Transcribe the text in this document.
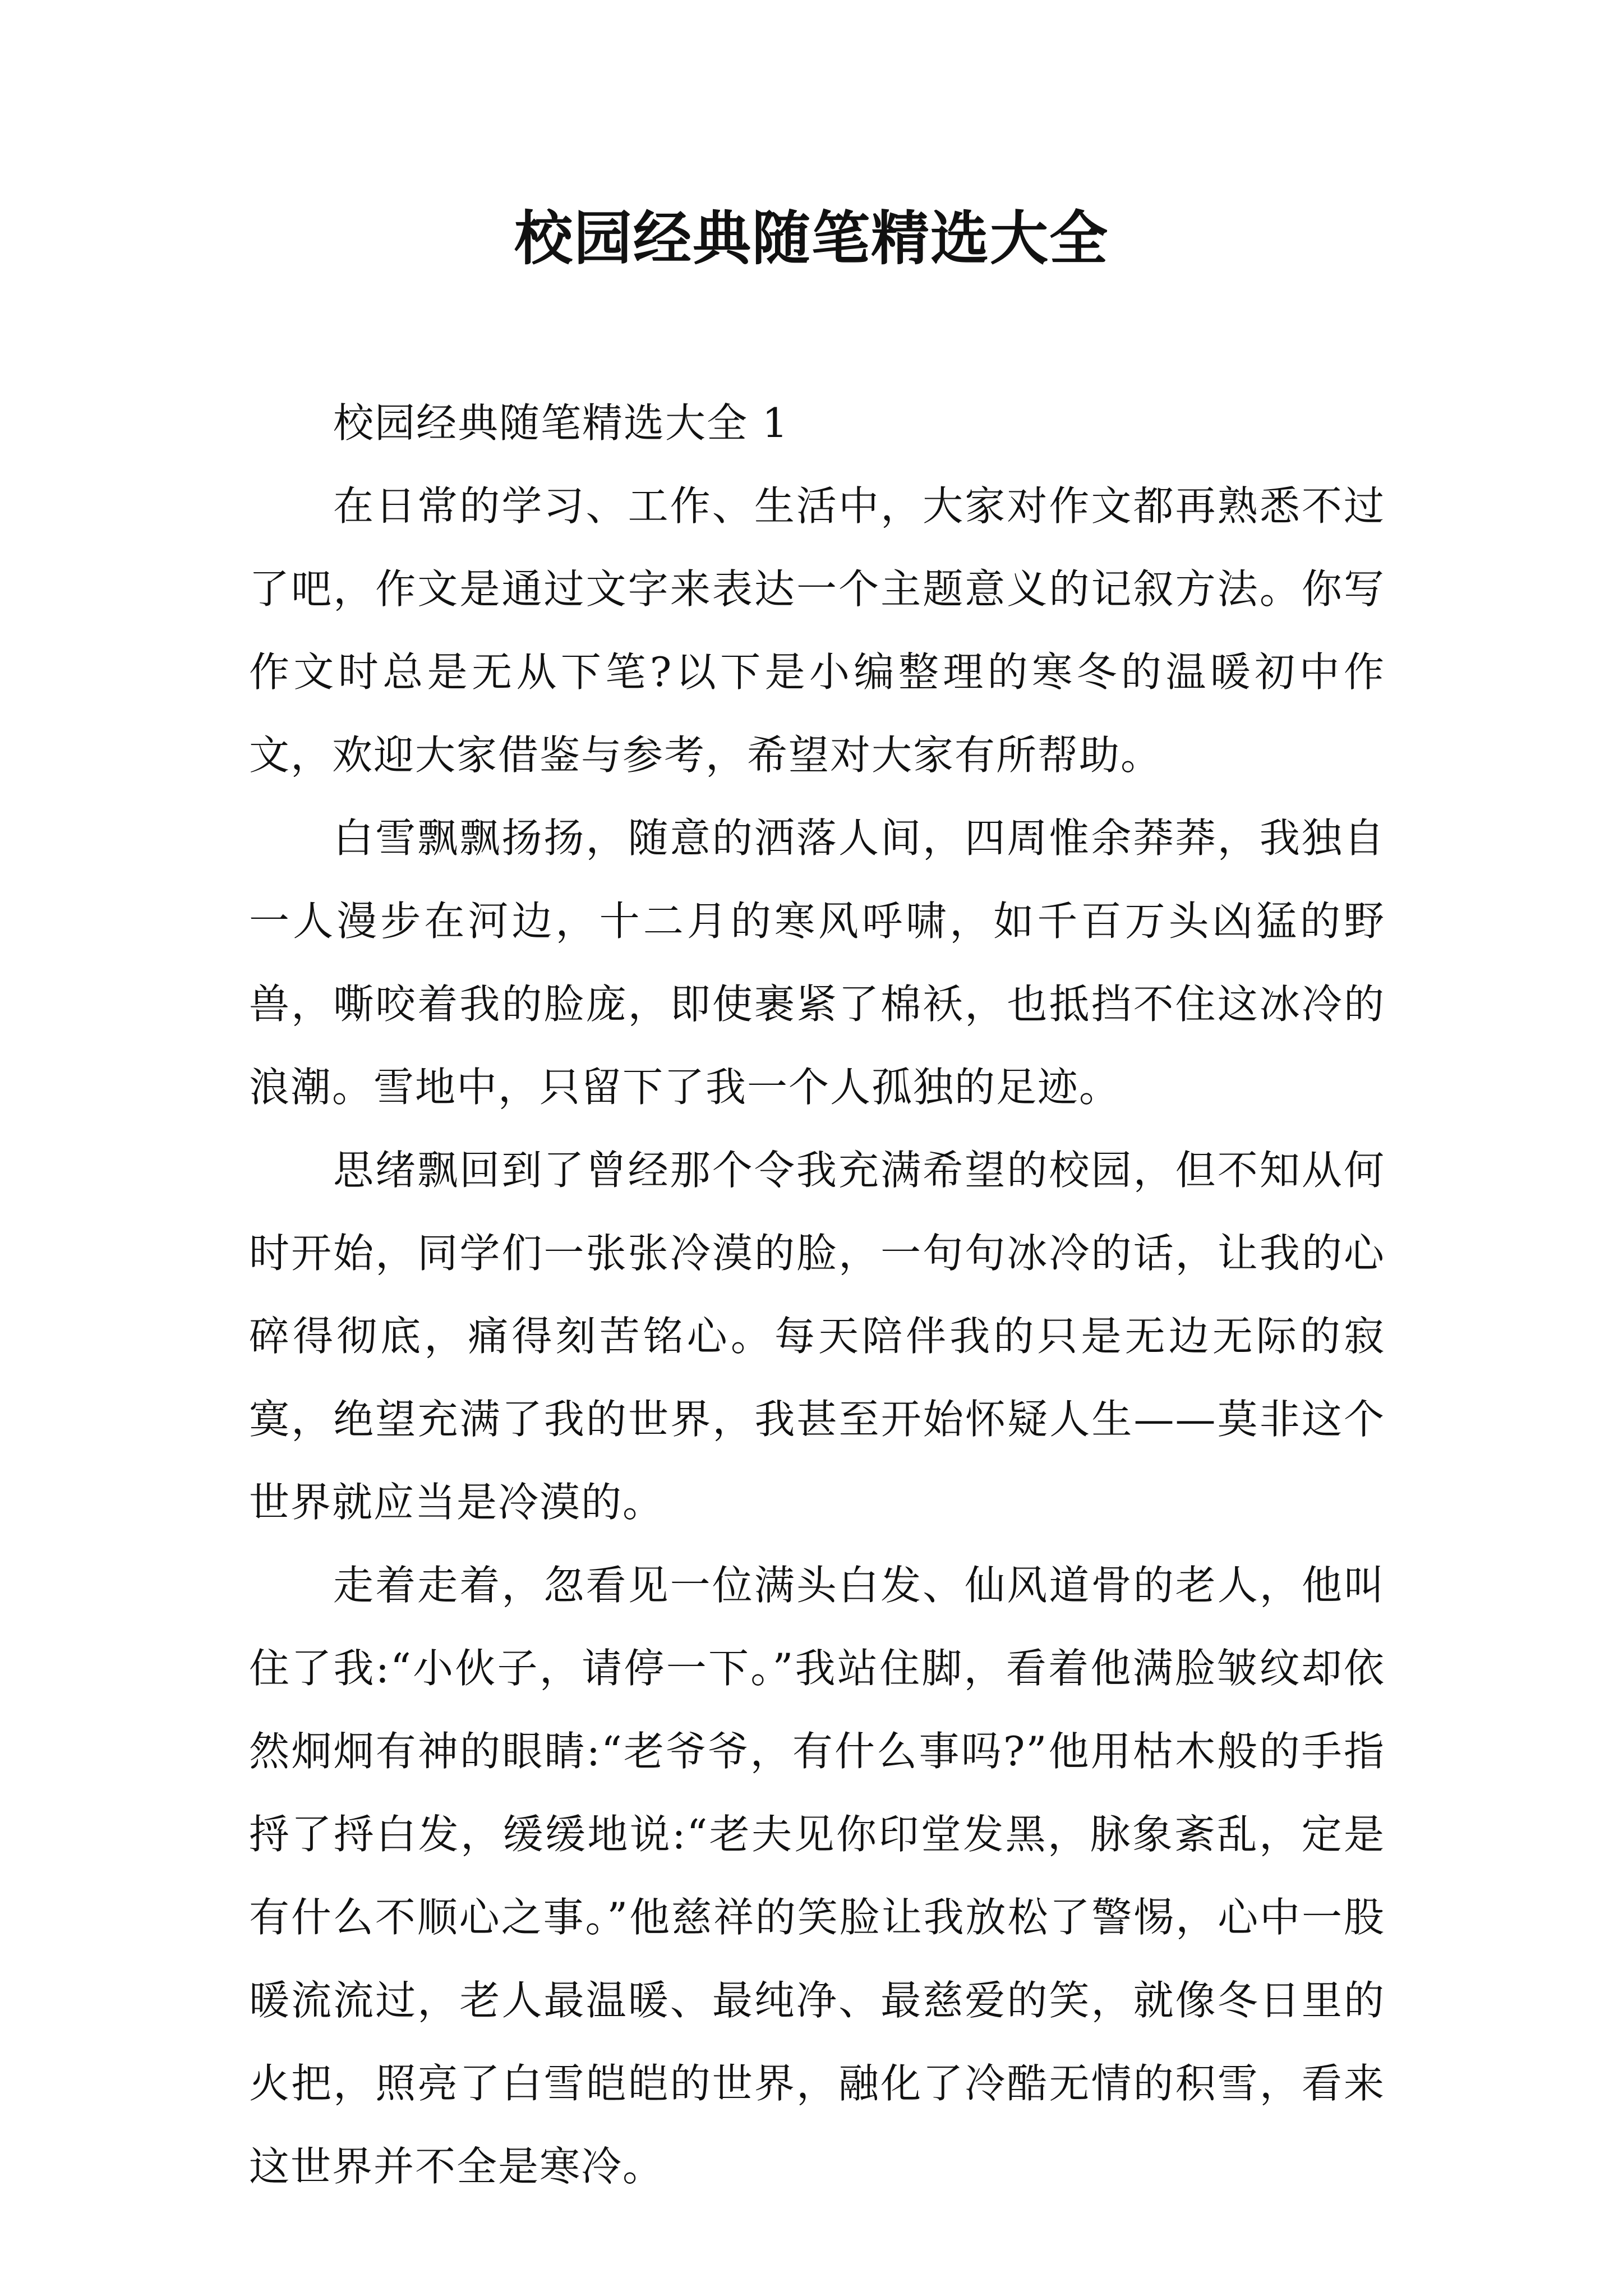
校园经典随笔精选大全

校园经典随笔精选大全 1

在日常的学习、工作、生活中，大家对作文都再熟悉不过了吧，作文是通过文字来表达一个主题意义的记叙方法。你写作文时总是无从下笔?以下是小编整理的寒冬的温暖初中作文，欢迎大家借鉴与参考，希望对大家有所帮助。

白雪飘飘扬扬，随意的洒落人间，四周惟余莽莽，我独自一人漫步在河边，十二月的寒风呼啸，如千百万头凶猛的野兽，嘶咬着我的脸庞，即使裹紧了棉袄，也抵挡不住这冰冷的浪潮。雪地中，只留下了我一个人孤独的足迹。

思绪飘回到了曾经那个令我充满希望的校园，但不知从何时开始，同学们一张张冷漠的脸，一句句冰冷的话，让我的心碎得彻底，痛得刻苦铭心。每天陪伴我的只是无边无际的寂寞，绝望充满了我的世界，我甚至开始怀疑人生——莫非这个世界就应当是冷漠的。

走着走着，忽看见一位满头白发、仙风道骨的老人，他叫住了我:“小伙子，请停一下。”我站住脚，看着他满脸皱纹却依然炯炯有神的眼睛:“老爷爷，有什么事吗?”他用枯木般的手指捋了捋白发，缓缓地说:“老夫见你印堂发黑，脉象紊乱，定是有什么不顺心之事。”他慈祥的笑脸让我放松了警惕，心中一股暖流流过，老人最温暖、最纯净、最慈爱的笑，就像冬日里的火把，照亮了白雪皑皑的世界，融化了冷酷无情的积雪，看来这世界并不全是寒冷。
